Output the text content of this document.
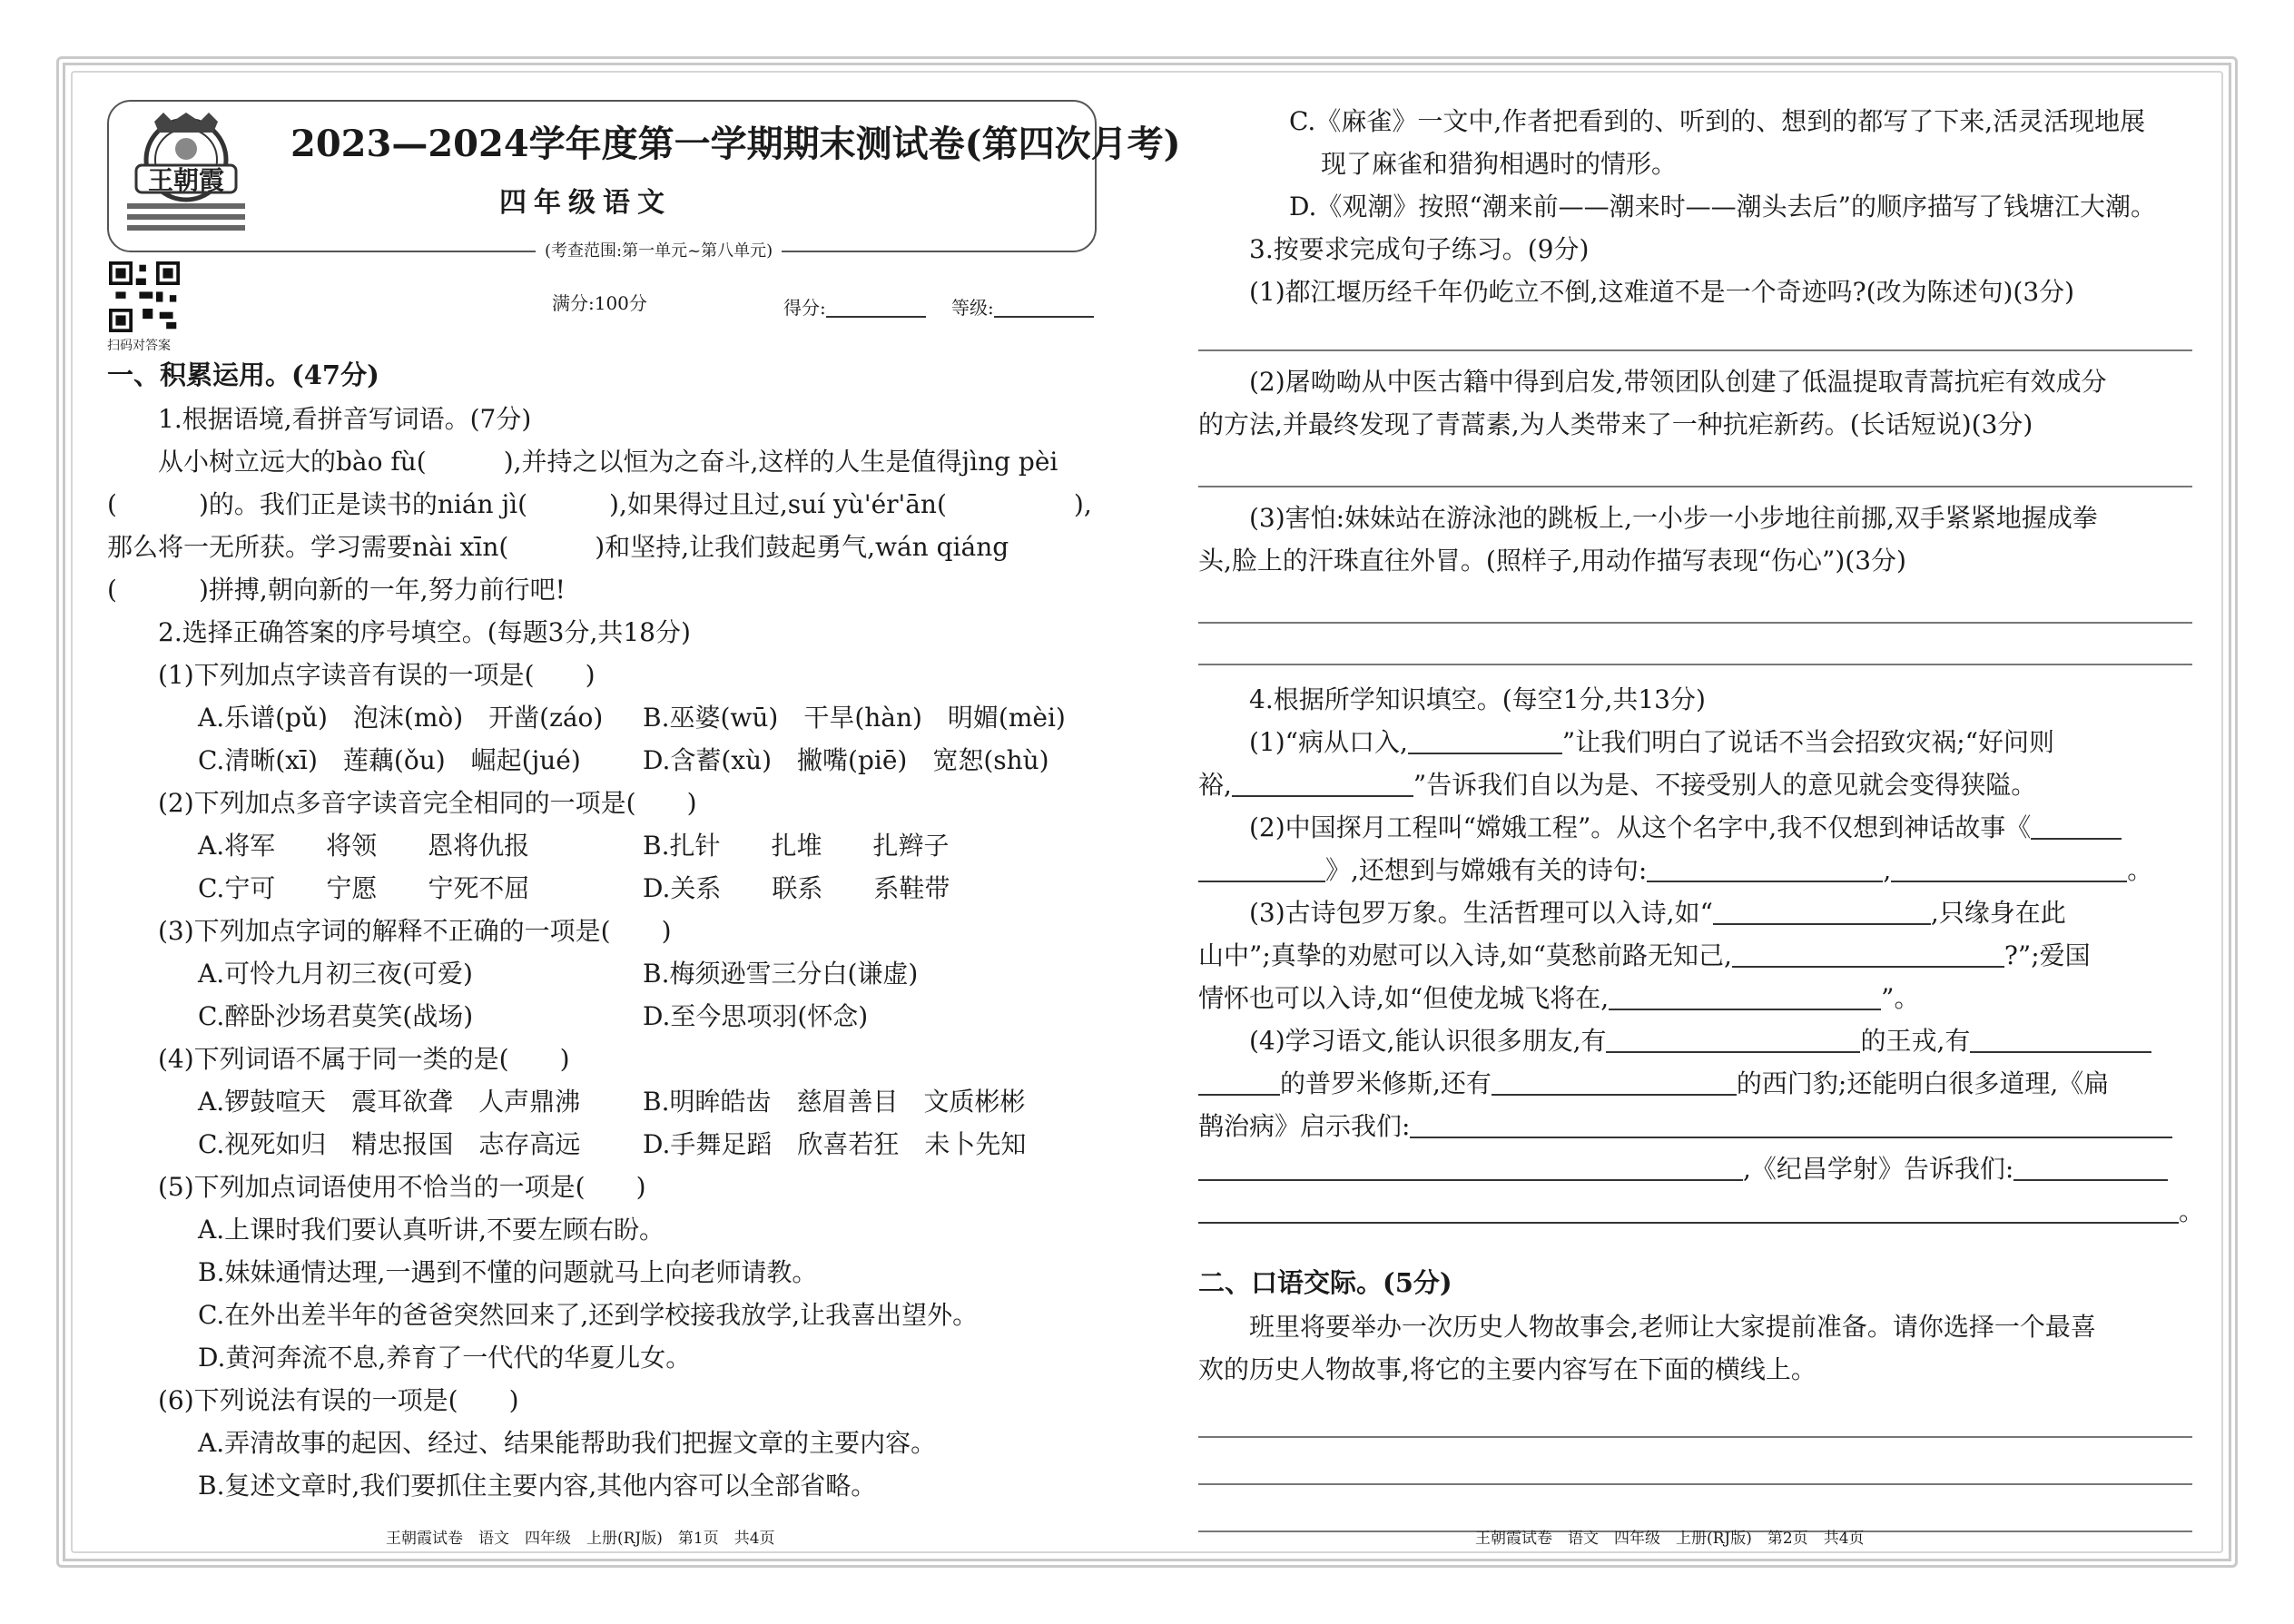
王朝霞
2023—2024学年度第一学期期末测试卷(第四次月考)
四年级语文
(考查范围:第一单元~第八单元)
扫码对答案
满分:100分	得分:	等级:
一、积累运用。(47分)
1.根据语境,看拼音写词语。(7分)
从小树立远大的bào fù(	),并持之以恒为之奋斗,这样的人生是值得jìng pèi
(	)的。我们正是读书的nián jì(	),如果得过且过,suí yù'ér'ān(	),
那么将一无所获。学习需要nài xīn(	)和坚持,让我们鼓起勇气,wán qiáng
(	)拼搏,朝向新的一年,努力前行吧!
2.选择正确答案的序号填空。(每题3分,共18分)
(1)下列加点字读音有误的一项是(　　)
A.乐谱(pǔ)　泡沫(mò)　开凿(záo) B.巫婆(wū)　干旱(hàn)　明媚(mèi)
C.清晰(xī)　莲藕(ǒu)　崛起(jué) D.含蓄(xù)　撇嘴(piē)　宽恕(shù)
(2)下列加点多音字读音完全相同的一项是(　　)
A.将军　　将领　　恩将仇报	B.扎针　　扎堆　　扎辫子
C.宁可　　宁愿　　宁死不屈	D.关系　　联系　　系鞋带
(3)下列加点字词的解释不正确的一项是(　　)
A.可怜九月初三夜(可爱)	B.梅须逊雪三分白(谦虚)
C.醉卧沙场君莫笑(战场)	D.至今思项羽(怀念)
(4)下列词语不属于同一类的是(　　)
A.锣鼓喧天　震耳欲聋　人声鼎沸 B.明眸皓齿　慈眉善目　文质彬彬
C.视死如归　精忠报国　志存高远 D.手舞足蹈　欣喜若狂　未卜先知
(5)下列加点词语使用不恰当的一项是(　　)
A.上课时我们要认真听讲,不要左顾右盼。
B.妹妹通情达理,一遇到不懂的问题就马上向老师请教。
C.在外出差半年的爸爸突然回来了,还到学校接我放学,让我喜出望外。
D.黄河奔流不息,养育了一代代的华夏儿女。
(6)下列说法有误的一项是(　　)
A.弄清故事的起因、经过、结果能帮助我们把握文章的主要内容。
B.复述文章时,我们要抓住主要内容,其他内容可以全部省略。
C.《麻雀》一文中,作者把看到的、听到的、想到的都写了下来,活灵活现地展
现了麻雀和猎狗相遇时的情形。
D.《观潮》按照“潮来前——潮来时——潮头去后”的顺序描写了钱塘江大潮。
3.按要求完成句子练习。(9分)
(1)都江堰历经千年仍屹立不倒,这难道不是一个奇迹吗?(改为陈述句)(3分)
(2)屠呦呦从中医古籍中得到启发,带领团队创建了低温提取青蒿抗疟有效成分
的方法,并最终发现了青蒿素,为人类带来了一种抗疟新药。(长话短说)(3分)
(3)害怕:妹妹站在游泳池的跳板上,一小步一小步地往前挪,双手紧紧地握成拳
头,脸上的汗珠直往外冒。(照样子,用动作描写表现“伤心”)(3分)
4.根据所学知识填空。(每空1分,共13分)
(1)“病从口入,	”让我们明白了说话不当会招致灾祸;“好问则
裕,	”告诉我们自以为是、不接受别人的意见就会变得狭隘。
(2)中国探月工程叫“嫦娥工程”。从这个名字中,我不仅想到神话故事《
》,还想到与嫦娥有关的诗句:	,	。
(3)古诗包罗万象。生活哲理可以入诗,如“	,只缘身在此
山中”;真挚的劝慰可以入诗,如“莫愁前路无知己,	?”;爱国
情怀也可以入诗,如“但使龙城飞将在,	”。
(4)学习语文,能认识很多朋友,有	的王戎,有
的普罗米修斯,还有	的西门豹;还能明白很多道理,《扁
鹊治病》启示我们:
,《纪昌学射》告诉我们:
。
二、口语交际。(5分)
班里将要举办一次历史人物故事会,老师让大家提前准备。请你选择一个最喜
欢的历史人物故事,将它的主要内容写在下面的横线上。
王朝霞试卷　语文　四年级　上册(RJ版)　第1页　共4页	王朝霞试卷　语文　四年级　上册(RJ版)　第2页　共4页
